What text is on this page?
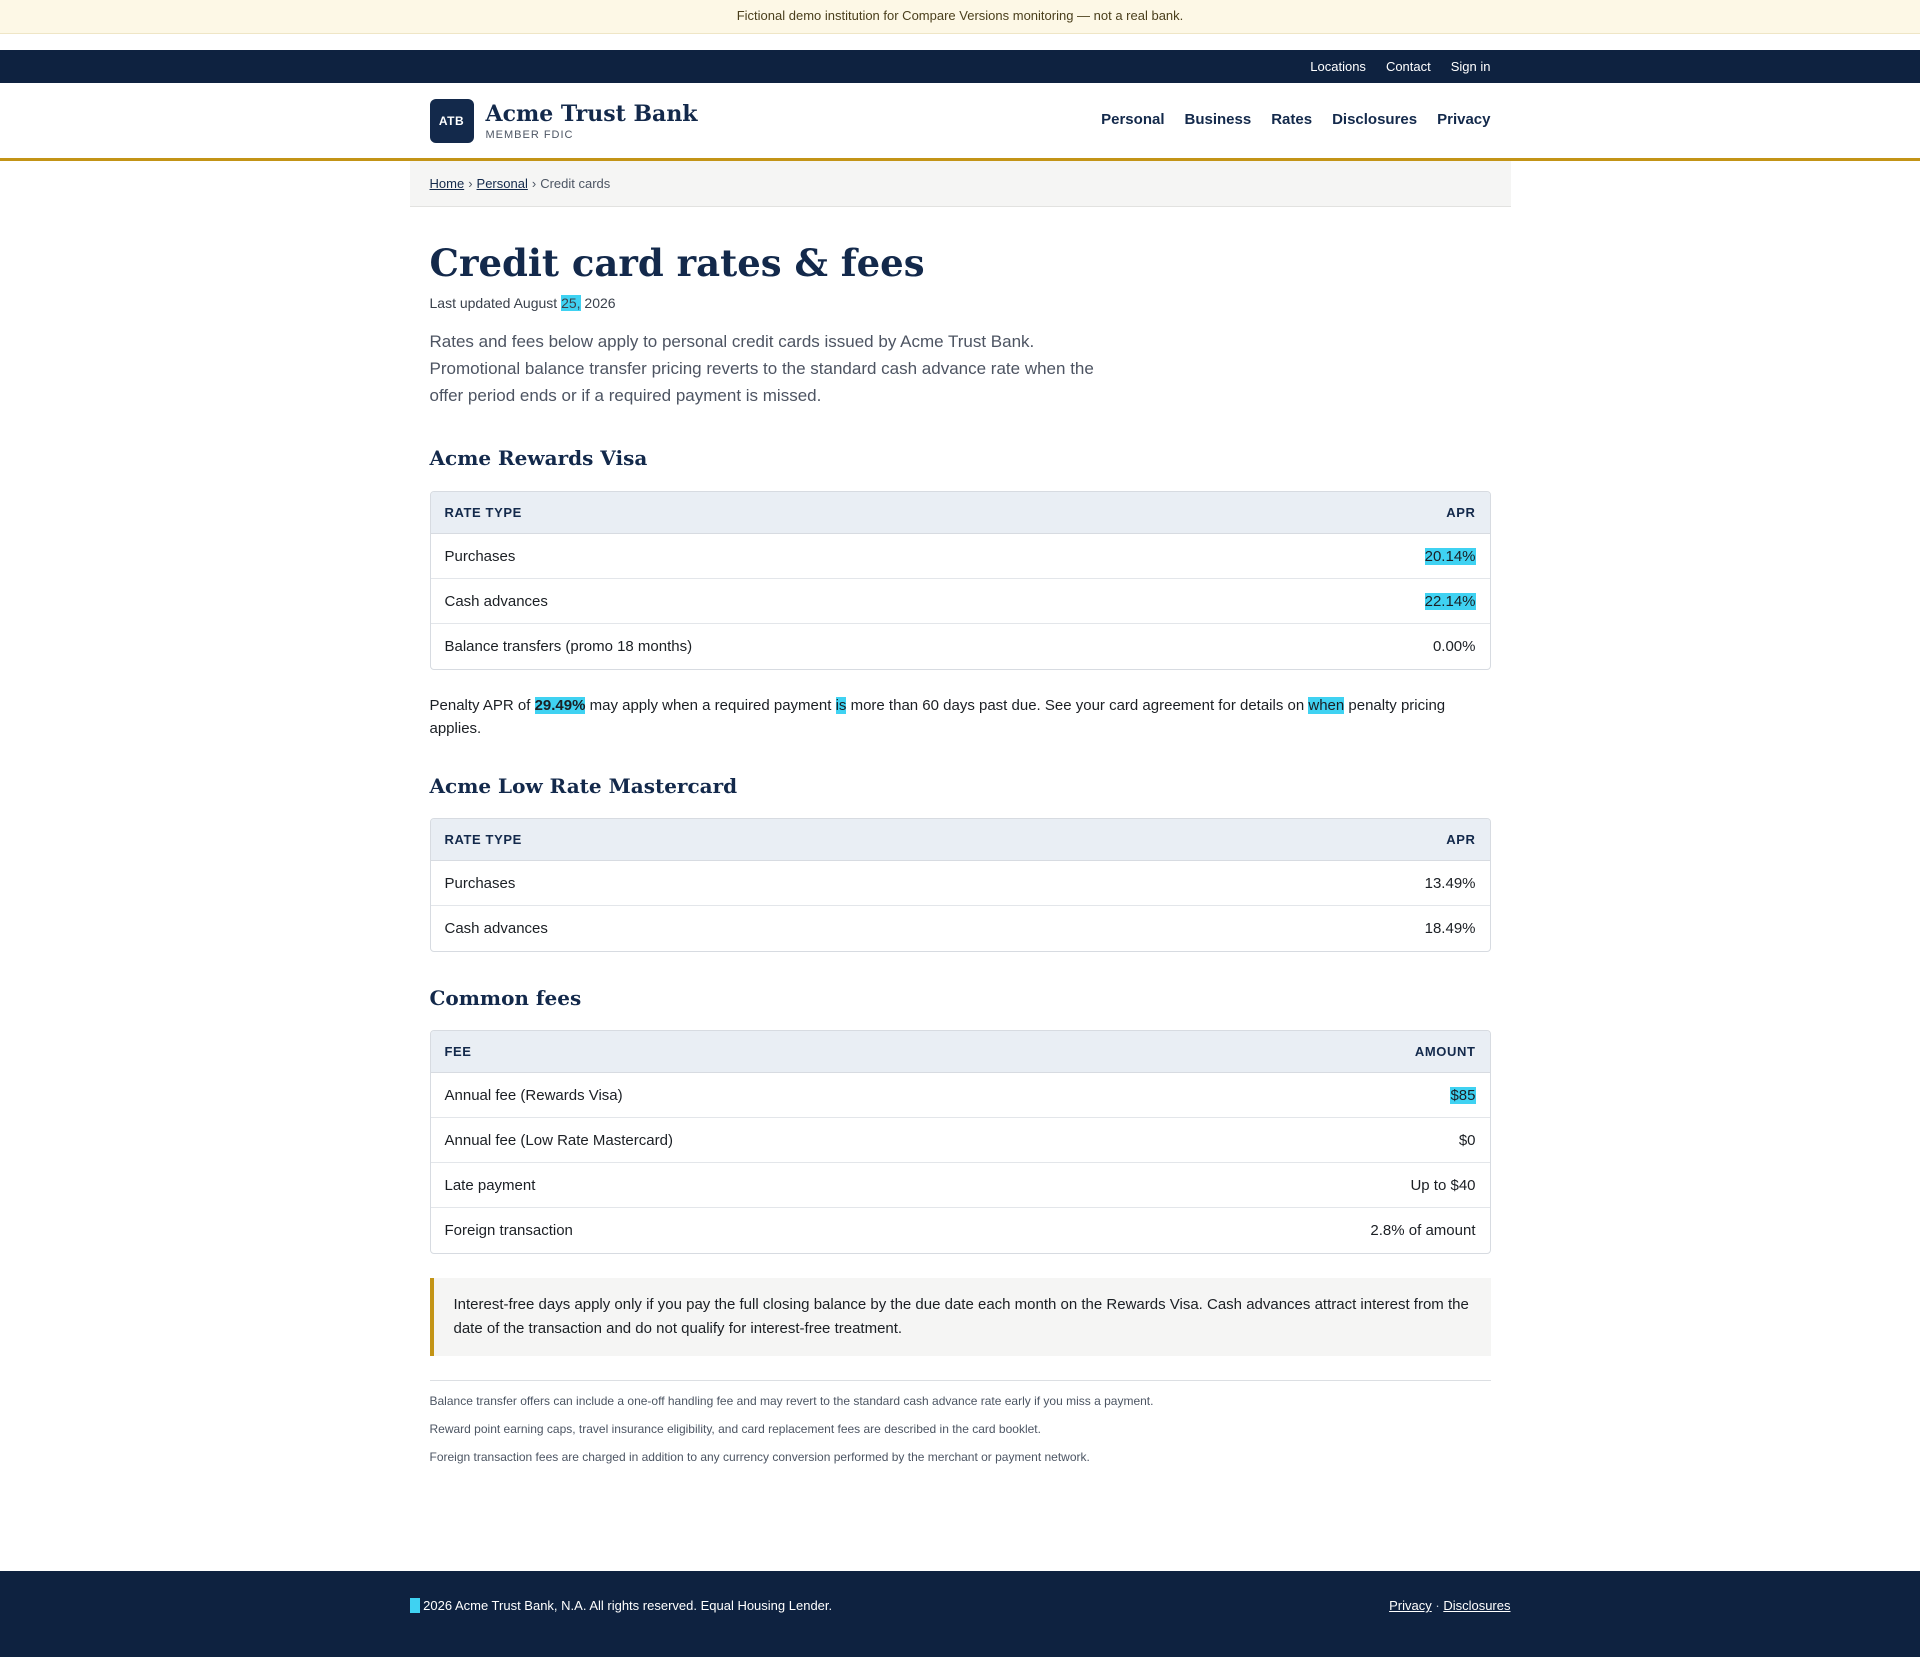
Fictional demo institution for Compare Versions monitoring — not a real bank.
Locations Contact Sign in
ATB Acme Trust Bank
MEMBER FDIC
Personal Business Rates Disclosures Privacy
Home › Personal › Credit cards
Credit card rates & fees
Last updated August 25, 2026

Rates and fees below apply to personal credit cards issued by Acme Trust Bank. Promotional balance transfer pricing reverts to the standard cash advance rate when the offer period ends or if a required payment is missed.

Acme Rewards Visa
RATE TYPE	APR
Purchases	20.14%
Cash advances	22.14%
Balance transfers (promo 18 months)	0.00%

Penalty APR of 29.49% may apply when a required payment is more than 60 days past due. See your card agreement for details on when penalty pricing applies.

Acme Low Rate Mastercard
RATE TYPE	APR
Purchases	13.49%
Cash advances	18.49%
Common fees
FEE	AMOUNT
Annual fee (Rewards Visa)	$85
Annual fee (Low Rate Mastercard)	$0
Late payment	Up to $40
Foreign transaction	2.8% of amount
Interest-free days apply only if you pay the full closing balance by the due date each month on the Rewards Visa. Cash advances attract interest from the date of the transaction and do not qualify for interest-free treatment.

Balance transfer offers can include a one-off handling fee and may revert to the standard cash advance rate early if you miss a payment.

Reward point earning caps, travel insurance eligibility, and card replacement fees are described in the card booklet.

Foreign transaction fees are charged in addition to any currency conversion performed by the merchant or payment network.

2026 Acme Trust Bank, N.A. All rights reserved. Equal Housing Lender.	Privacy · Disclosures
